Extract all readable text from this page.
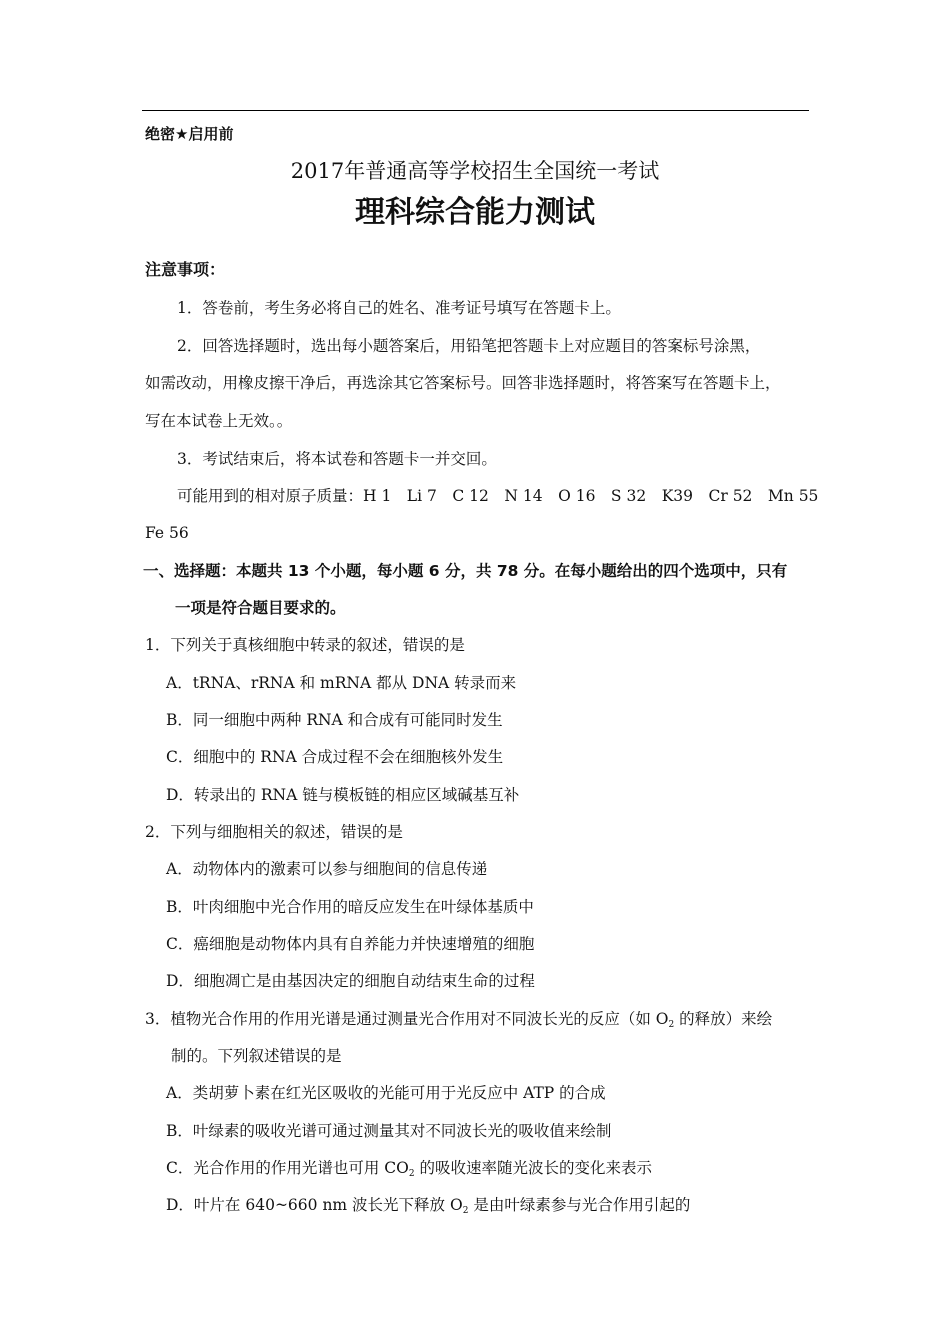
绝密★启用前
2017年普通高等学校招生全国统一考试
理科综合能力测试
注意事项：
1．答卷前，考生务必将自己的姓名、准考证号填写在答题卡上。
2．回答选择题时，选出每小题答案后，用铅笔把答题卡上对应题目的答案标号涂黑，
如需改动，用橡皮擦干净后，再选涂其它答案标号。回答非选择题时，将答案写在答题卡上，
写在本试卷上无效。。
3．考试结束后，将本试卷和答题卡一并交回。
可能用到的相对原子质量：H 1　Li 7　C 12　N 14　O 16　S 32　K39　Cr 52　Mn 55
Fe 56
一、选择题：本题共 13 个小题，每小题 6 分，共 78 分。在每小题给出的四个选项中，只有
一项是符合题目要求的。
1．下列关于真核细胞中转录的叙述，错误的是
A．tRNA、rRNA 和 mRNA 都从 DNA 转录而来
B．同一细胞中两种 RNA 和合成有可能同时发生
C．细胞中的 RNA 合成过程不会在细胞核外发生
D．转录出的 RNA 链与模板链的相应区域碱基互补
2．下列与细胞相关的叙述，错误的是
A．动物体内的激素可以参与细胞间的信息传递
B．叶肉细胞中光合作用的暗反应发生在叶绿体基质中
C．癌细胞是动物体内具有自养能力并快速增殖的细胞
D．细胞凋亡是由基因决定的细胞自动结束生命的过程
3．植物光合作用的作用光谱是通过测量光合作用对不同波长光的反应（如 $O_2$ 的释放）来绘
制的。下列叙述错误的是
A．类胡萝卜素在红光区吸收的光能可用于光反应中 ATP 的合成
B．叶绿素的吸收光谱可通过测量其对不同波长光的吸收值来绘制
C．光合作用的作用光谱也可用 $CO_2$ 的吸收速率随光波长的变化来表示
D．叶片在 640~660 nm 波长光下释放 $O_2$ 是由叶绿素参与光合作用引起的
